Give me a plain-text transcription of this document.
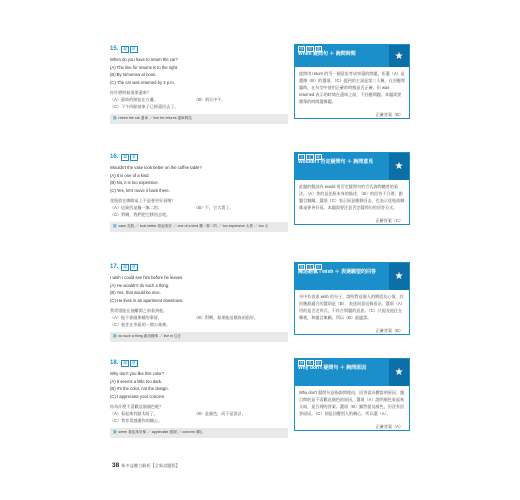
15.	屬	單
When do you have to return the car?
(A) The line for returns is to the right.
(B) By tomorrow at noon.
(C) The car was returned by 4 p.m.
你什麼時候需要還車？
（A）還車的隊伍在右邊。	（B）明天中午。
（C）下午四點前車子已經還回去了。
詞 return the car 還車 ／ line for returns 還車隊伍
時 間 題
When 疑問句 ＋ 詢問時間	★
提問用 return 的另一個意思考成車還的問題，拒選（A）是選擇（B）的選項。（C）提到的主詞是第三人稱，在回應問題時，在句型中使用正確的時態是否正確。但 was returned 表示的時間在還車之前，不回應問題。本題需要簡單的時間選擇題。
正確答案（B）
16.	屬	單
Wouldn't the vase look better on the coffee table?
(A) It is one of a kind.
(B) No, it is too expensive.
(C) Yes, let's move it back there.
花瓶放在咖啡桌上不是會更好看嗎？
（A）這東西是獨一無二的。	（B）不，它太貴了。
（C）對啊，我們把它移回去吧。
詞 vase 花瓶 ／ look better 看起來好 ／ one of a kind 獨一無二的 ／ too expensive 太貴 ／ too 太
否 定 疑
Wouldn't 否定疑問句 ＋ 詢問意見	★
此題的動詞為 would 用否定疑問句的方式詢問聽者的看法，（A）答的是花瓶本身的描述，（B）的回答不合理，跟題目無關。選項（C）表示同意應移回去，也表示花瓶放咖啡桌會更好看。本題需要注意否定疑問句的回答方式。
正確答案（C）
17.	屬	單
I wish I could see him before he leaves.
(A) He wouldn't do such a thing.
(B) Yes, that would be nice.
(C) He lives in an apartment downtown.
我希望能在他離開之前看到他。
（A）他不會做那樣的事情。	（B）對啊，如果能這樣真的很好。
（C）他住在市區的一間公寓裡。
詞 do such a thing 做這種事 ／ live in 住在
陳 述 句
陳述語氣 I wish ＋ 表達願望的回答	★
句中有表達 wish 的句子，說明對這個人的期望及心情，其回應最適合的選項是（B），表達同意這個看法。選項（A）用的是否定形式，不符合問題的意思。（C）只提及他住在哪裡，和題目無關，所以（B）最適當。
正確答案（B）
18.	屬	單
Why don't you like this color?
(A) It seems a little too dark.
(B) It's the color, not the design.
(C) I appreciate your concern.
你為什麼不喜歡這個顏色呢？
（A）看起來有點太暗了。	（B）是顏色，而不是設計。
（C）我非常感謝你的關心。
詞 seem 看起來好像 ／ appreciate 感謝 ／ concern 關心
特 殊 疑
Why don't 疑問句 ＋ 詢問原因	★
Why don't 疑問句意指詢問理由，回答需具體說明原因。題目問的是不喜歡此顏色的原因，選項（A）說明顏色看起來太暗，是合理的答案。選項（B）雖然提及顏色，但沒有回答原因。（C）則是回覆別人的關心，所以選（A）。
正確答案（A）
38 新多益聽力解析【全新試題版】
